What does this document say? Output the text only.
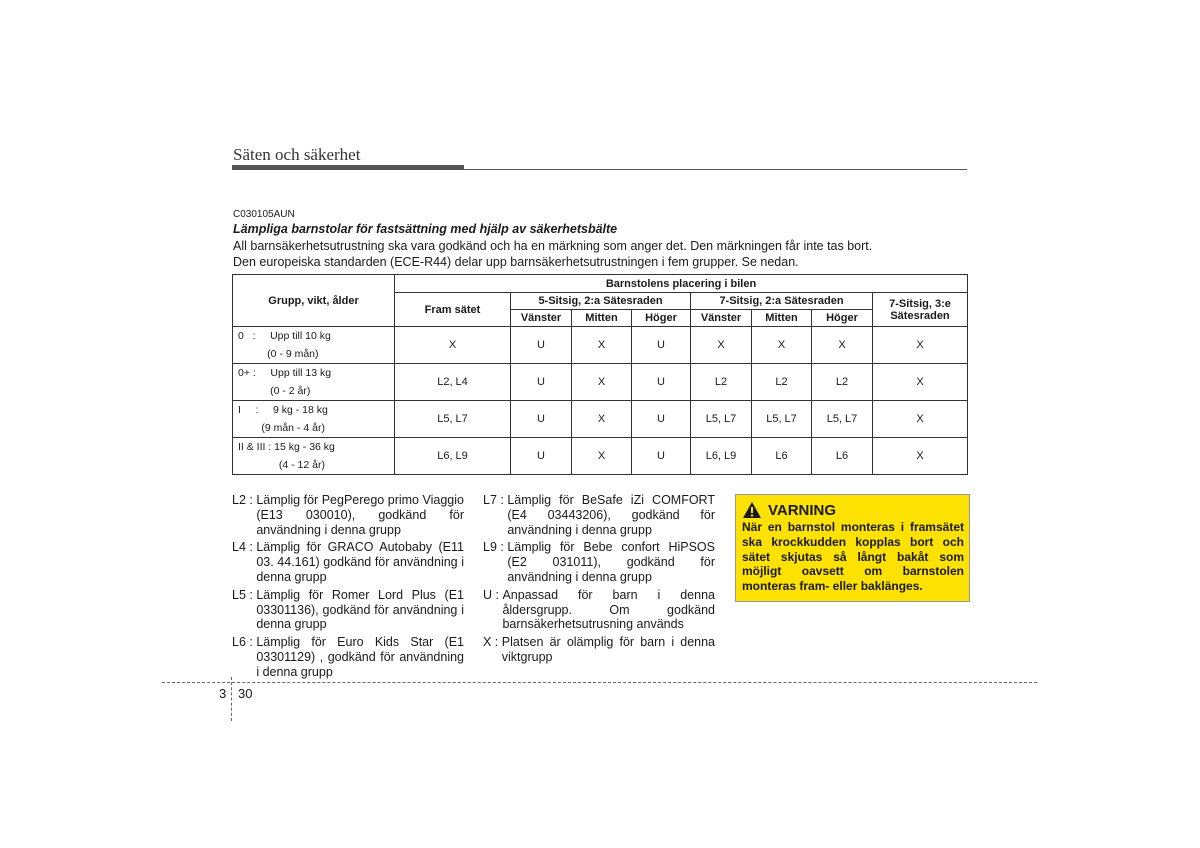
Säten och säkerhet
C030105AUN
Lämpliga barnstolar för fastsättning med hjälp av säkerhetsbälte

All barnsäkerhetsutrustning ska vara godkänd och ha en märkning som anger det. Den märkningen får inte tas bort.

Den europeiska standarden (ECE-R44) delar upp barnsäkerhetsutrustningen i fem grupper. Se nedan.

Grupp, vikt, ålder	Barnstolens placering i bilen							
	Fram sätet	5-Sitsig, 2:a Sätesraden			7-Sitsig, 2:a Sätesraden			7-Sitsig, 3:e Sätesraden
		Vänster	Mitten	Höger	Vänster	Mitten	Höger	

0   :     Upp till 10 kg
(0 - 9 mån)	X	U	X	U	X	X	X	X

0+ :     Upp till 13 kg
(0 - 2 år)	L2, L4	U	X	U	L2	L2	L2	X

I     :     9 kg - 18 kg
(9 mån - 4 år)	L5, L7	U	X	U	L5, L7	L5, L7	L5, L7	X

II & III : 15 kg - 36 kg
(4 - 12 år)	L6, L9	U	X	U	L6, L9	L6	L6	X
L2 : Lämplig för PegPerego primo Viaggio (E13 030010), godkänd för användning i denna grupp
L4 : Lämplig för GRACO Autobaby (E11 03. 44.161) godkänd för användning i denna grupp
L5 : Lämplig för Romer Lord Plus (E1 03301136), godkänd för användning i denna grupp
L6 : Lämplig för Euro Kids Star (E1 03301129) , godkänd för användning i denna grupp
L7 : Lämplig för BeSafe iZi COMFORT (E4 03443206), godkänd för användning i denna grupp
L9 : Lämplig för Bebe confort HiPSOS (E2 031011), godkänd för användning i denna grupp
U : Anpassad för barn i denna åldersgrupp. Om godkänd barnsäkerhetsutrusning används
X : Platsen är olämplig för barn i denna viktgrupp
VARNING
När en barnstol monteras i framsätet ska krockkudden kopplas bort och sätet skjutas så långt bakåt som möjligt oavsett om barnstolen monteras fram- eller baklänges.
3 30
